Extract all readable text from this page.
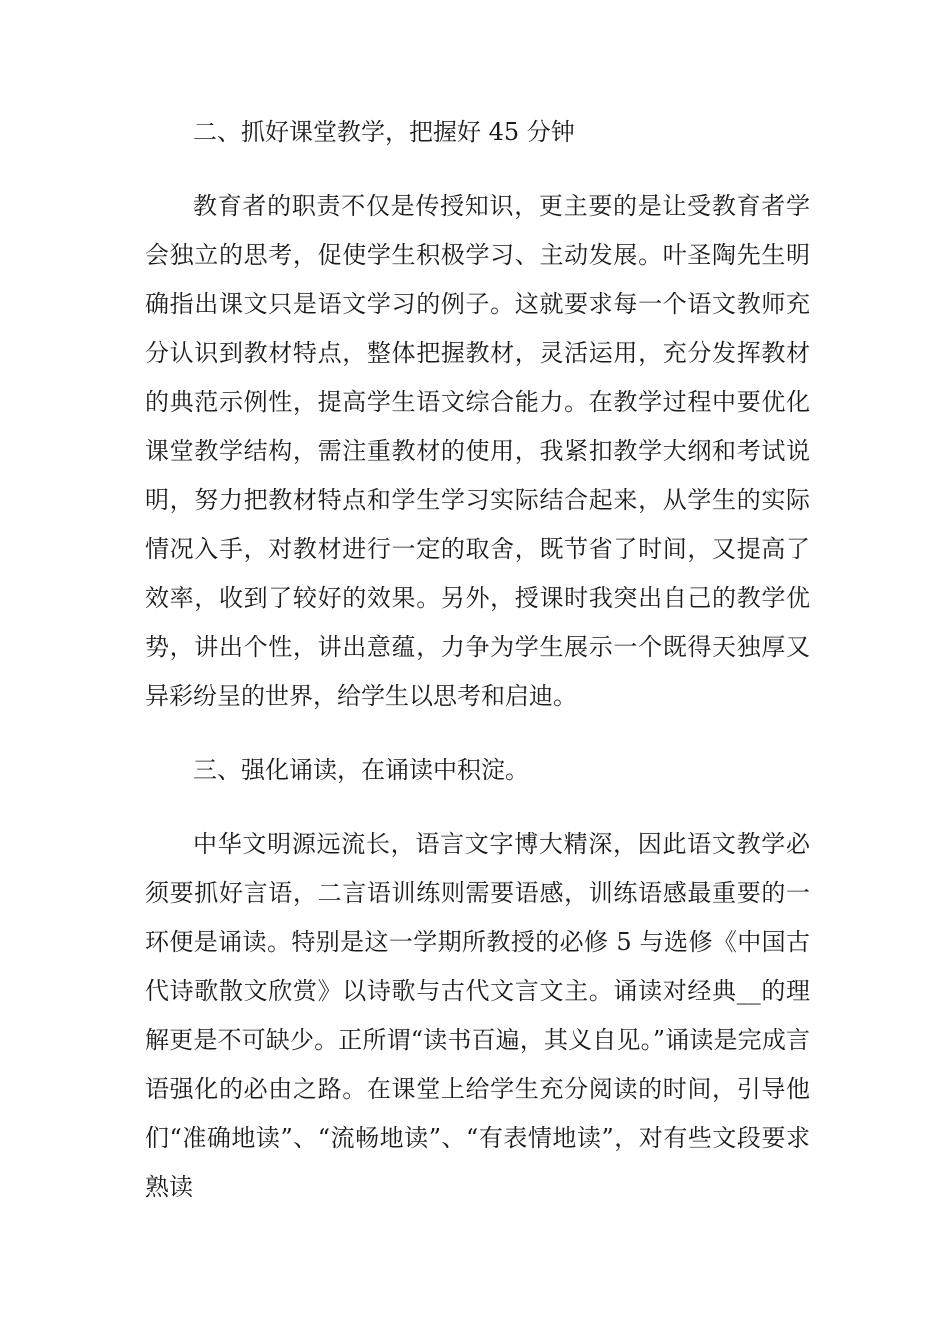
二、抓好课堂教学，把握好 45 分钟

教育者的职责不仅是传授知识，更主要的是让受教育者学会独立的思考，促使学生积极学习、主动发展。叶圣陶先生明确指出课文只是语文学习的例子。这就要求每一个语文教师充分认识到教材特点，整体把握教材，灵活运用，充分发挥教材的典范示例性，提高学生语文综合能力。在教学过程中要优化课堂教学结构，需注重教材的使用，我紧扣教学大纲和考试说明，努力把教材特点和学生学习实际结合起来，从学生的实际情况入手，对教材进行一定的取舍，既节省了时间，又提高了效率，收到了较好的效果。另外，授课时我突出自己的教学优势，讲出个性，讲出意蕴，力争为学生展示一个既得天独厚又异彩纷呈的世界，给学生以思考和启迪。

三、强化诵读，在诵读中积淀。

中华文明源远流长，语言文字博大精深，因此语文教学必须要抓好言语，二言语训练则需要语感，训练语感最重要的一环便是诵读。特别是这一学期所教授的必修 5 与选修《中国古代诗歌散文欣赏》以诗歌与古代文言文主。诵读对经典__的理解更是不可缺少。正所谓“读书百遍，其义自见。”诵读是完成言语强化的必由之路。在课堂上给学生充分阅读的时间，引导他们“准确地读”、“流畅地读”、“有表情地读”，对有些文段要求熟读
